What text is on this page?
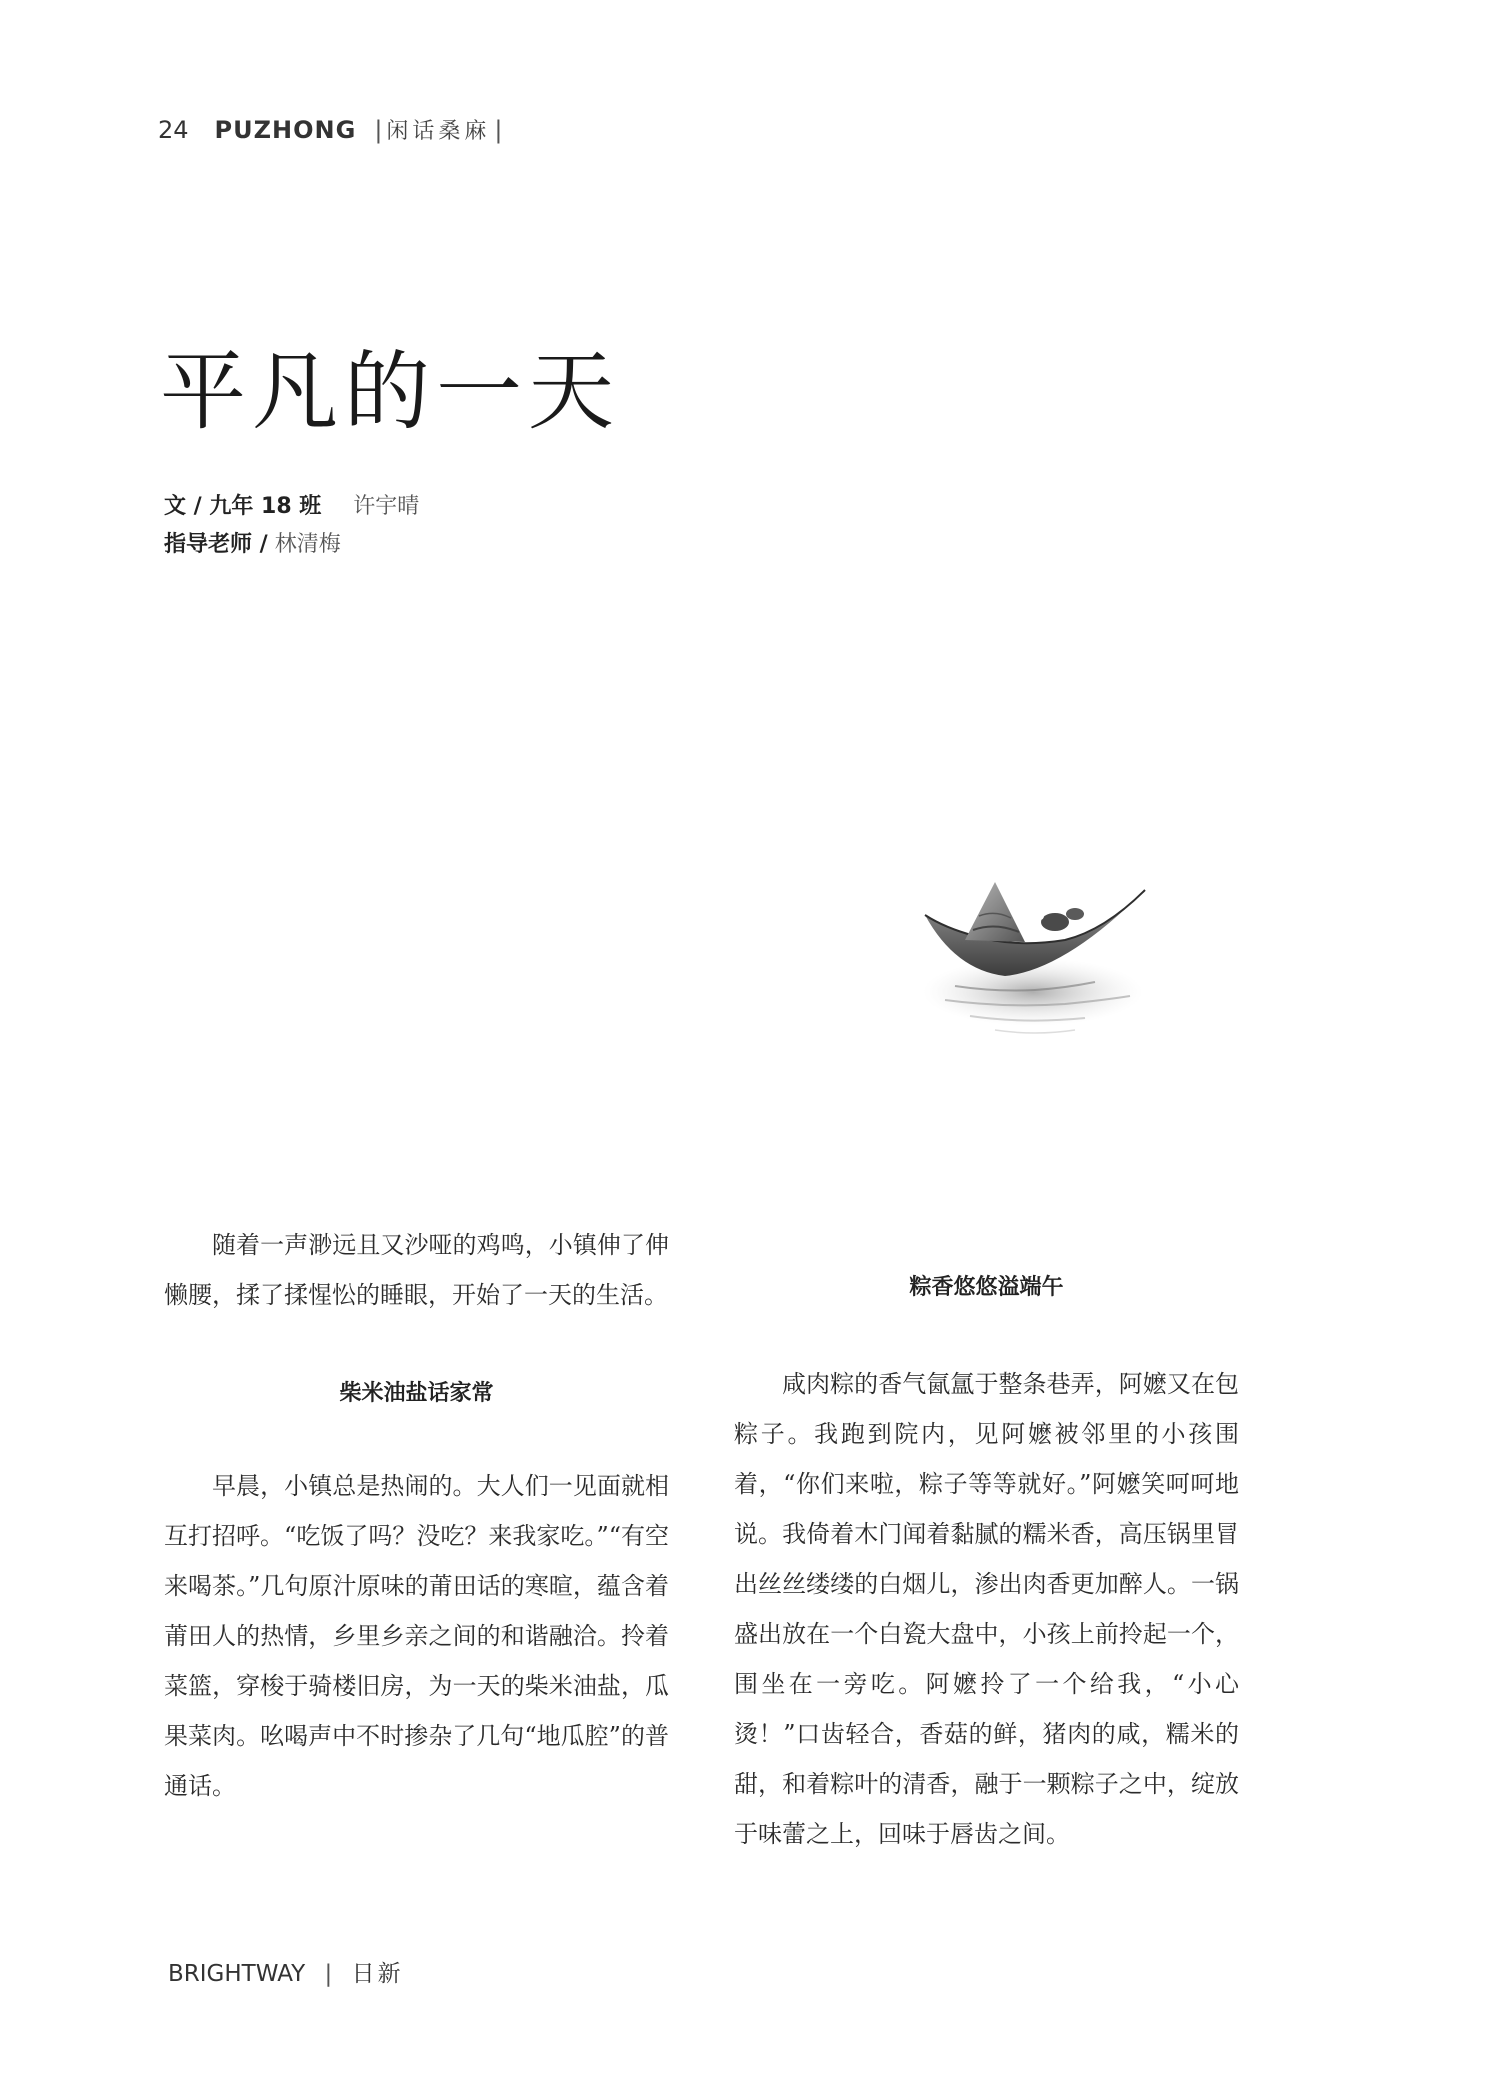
24 PUZHONG | 闲话桑麻 |
平凡的一天
文 / 九年 18 班 许宇晴
指导老师 / 林清梅

随着一声渺远且又沙哑的鸡鸣，小镇伸了伸懒腰，揉了揉惺忪的睡眼，开始了一天的生活。

柴米油盐话家常

早晨，小镇总是热闹的。大人们一见面就相互打招呼。“吃饭了吗？没吃？来我家吃。”“有空来喝茶。”几句原汁原味的莆田话的寒暄，蕴含着莆田人的热情，乡里乡亲之间的和谐融洽。拎着菜篮，穿梭于骑楼旧房，为一天的柴米油盐，瓜果菜肉。吆喝声中不时掺杂了几句“地瓜腔”的普通话。

粽香悠悠溢端午

咸肉粽的香气氤氲于整条巷弄，阿嬷又在包粽子。我跑到院内，见阿嬷被邻里的小孩围着，“你们来啦，粽子等等就好。”阿嬷笑呵呵地说。我倚着木门闻着黏腻的糯米香，高压锅里冒出丝丝缕缕的白烟儿，渗出肉香更加醉人。一锅盛出放在一个白瓷大盘中，小孩上前拎起一个，围坐在一旁吃。阿嬷拎了一个给我，“小心烫！”口齿轻合，香菇的鲜，猪肉的咸，糯米的甜，和着粽叶的清香，融于一颗粽子之中，绽放于味蕾之上，回味于唇齿之间。

BRIGHTWAY | 日新
